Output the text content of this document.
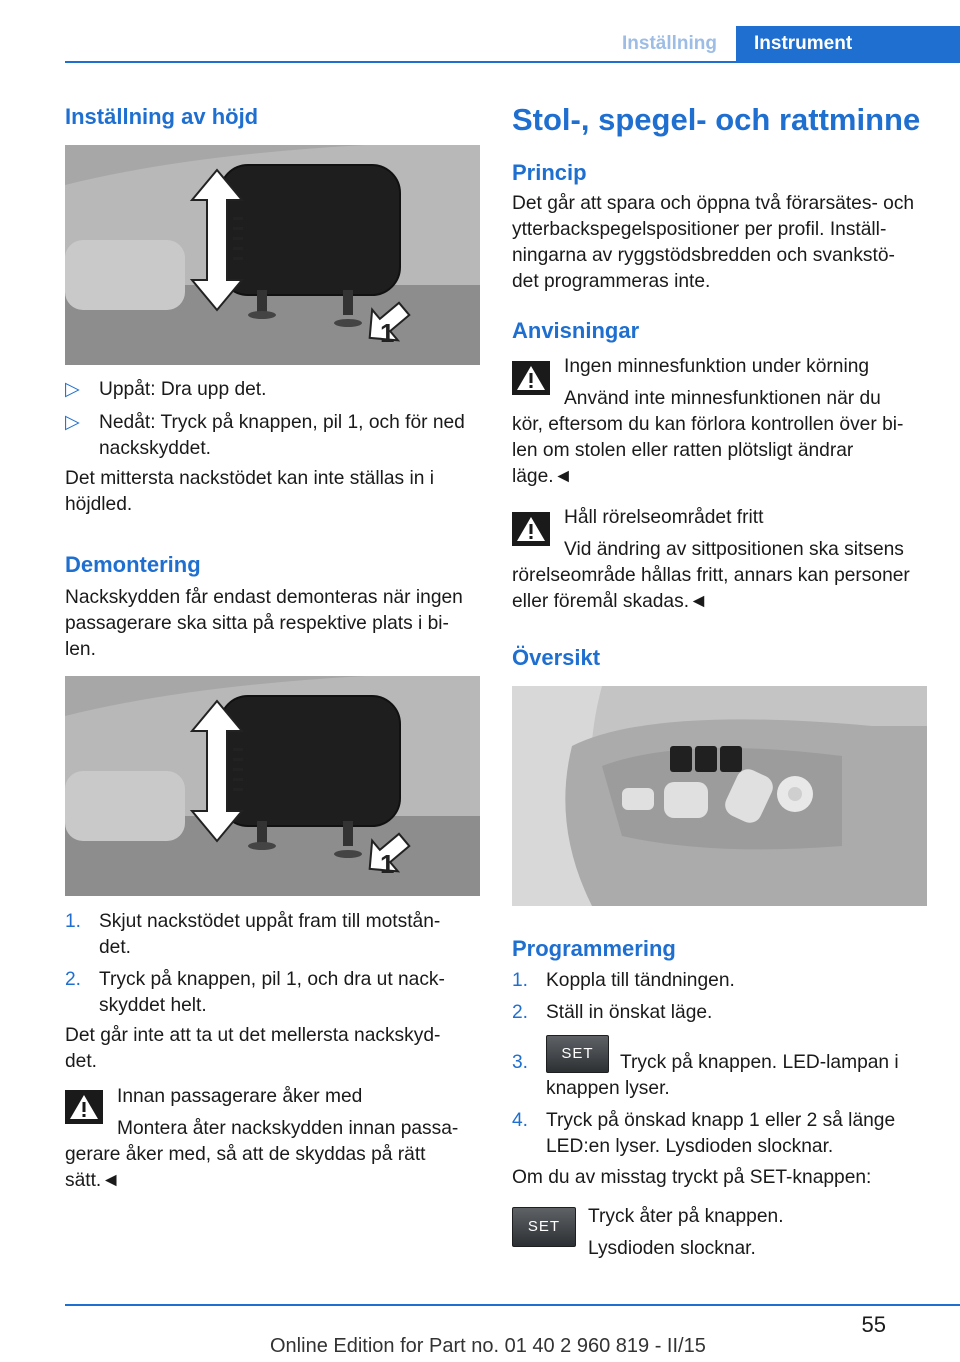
Inställning	Instrument
Inställning av höjd
1
▷	Uppåt: Dra upp det.
▷	Nedåt: Tryck på knappen, pil 1, och för ned
nackskyddet.
Det mittersta nackstödet kan inte ställas in i
höjdled.
Demontering
Nackskydden får endast demonteras när ingen
passagerare ska sitta på respektive plats i bi‐
len.
1
1. Skjut nackstödet uppåt fram till motstån‐
det.
2. Tryck på knappen, pil 1, och dra ut nack‐
skyddet helt.
Det går inte att ta ut det mellersta nackskyd‐
det.
Innan passagerare åker med
Montera åter nackskydden innan passa‐
gerare åker med, så att de skyddas på rätt
sätt.◄
Stol-, spegel- och rattminne
Princip
Det går att spara och öppna två förarsätes- och
ytterbackspegelspositioner per profil. Inställ‐
ningarna av ryggstödsbredden och svankstö‐
det programmeras inte.
Anvisningar
Ingen minnesfunktion under körning
Använd inte minnesfunktionen när du
kör, eftersom du kan förlora kontrollen över bi‐
len om stolen eller ratten plötsligt ändrar
läge.◄
Håll rörelseområdet fritt
Vid ändring av sittpositionen ska sitsens
rörelseområde hållas fritt, annars kan personer
eller föremål skadas.◄
Översikt
Programmering
1. Koppla till tändningen.
2. Ställ in önskat läge.
SET
3.	Tryck på knappen. LED-lampan i
knappen lyser.
4. Tryck på önskad knapp 1 eller 2 så länge
LED:en lyser. Lysdioden slocknar.
Om du av misstag tryckt på SET-knappen:
SET	Tryck åter på knappen.
Lysdioden slocknar.
55
Online Edition for Part no. 01 40 2 960 819 - II/15
